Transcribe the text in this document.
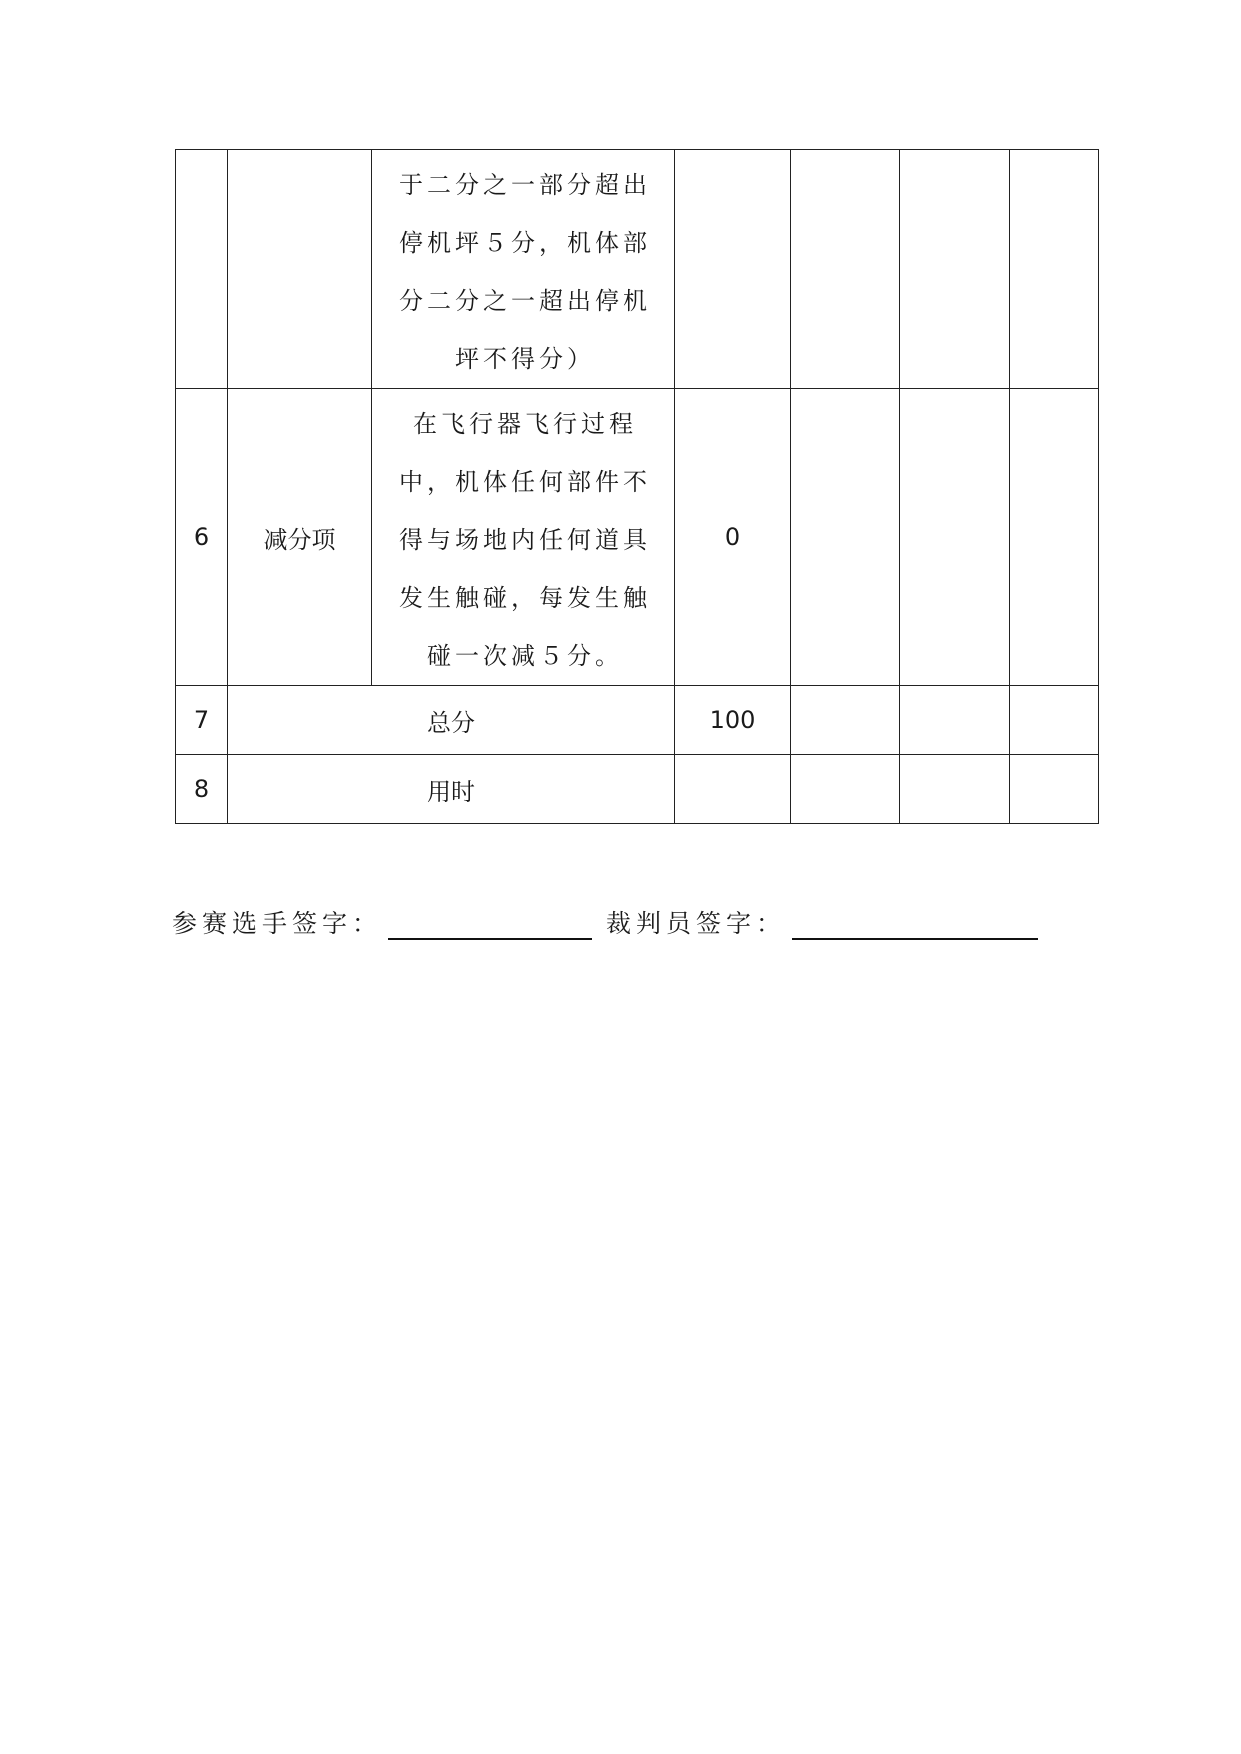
		于二分之一部分超出停机坪５分，机体部分二分之一超出停机坪不得分）				

6	减分项	在飞行器飞行过程中，机体任何部件不得与场地内任何道具发生触碰，每发生触碰一次减５分。	0			
7	总分		100			
8	用时					
参赛选手签字：	裁判员签字：
